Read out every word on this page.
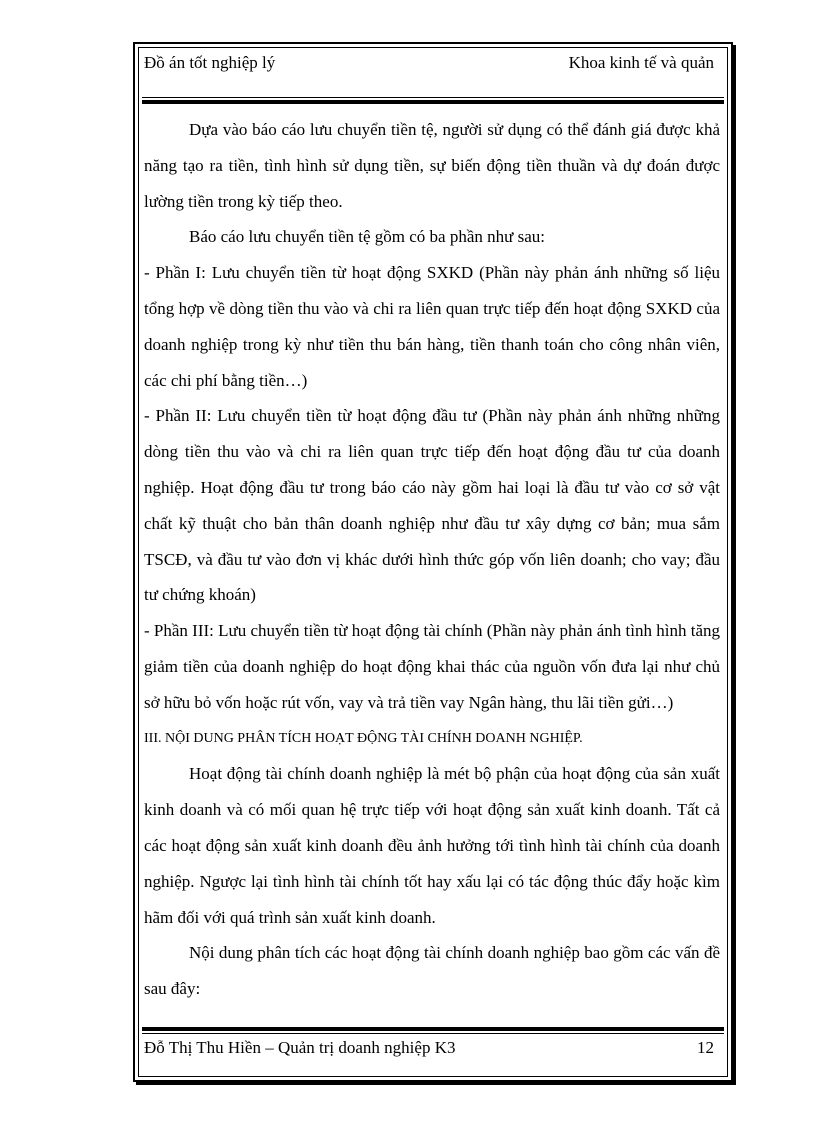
Đồ án tốt nghiệp lý	Khoa kinh tế và quản

Dựa vào báo cáo lưu chuyển tiền tệ, người sử dụng có thể đánh giá được khả năng tạo ra tiền, tình hình sử dụng tiền, sự biến động tiền thuần và dự đoán được lường tiền trong kỳ tiếp theo.

Báo cáo lưu chuyển tiền tệ gồm có ba phần như sau:

- Phần I: Lưu chuyển tiền từ hoạt động SXKD (Phần này phản ánh những số liệu tổng hợp về dòng tiền thu vào và chi ra liên quan trực tiếp đến hoạt động SXKD của doanh nghiệp trong kỳ như tiền thu bán hàng, tiền thanh toán cho công nhân viên, các chi phí bằng tiền…)

- Phần II: Lưu chuyển tiền từ hoạt động đầu tư (Phần này phản ánh những những dòng tiền thu vào và chi ra liên quan trực tiếp đến hoạt động đầu tư của doanh nghiệp. Hoạt động đầu tư trong báo cáo này gồm hai loại là đầu tư vào cơ sở vật chất kỹ thuật cho bản thân doanh nghiệp như đầu tư xây dựng cơ bản; mua sắm TSCĐ, và đầu tư vào đơn vị khác dưới hình thức góp vốn liên doanh; cho vay; đầu tư chứng khoán)

- Phần III: Lưu chuyển tiền từ hoạt động tài chính (Phần này phản ánh tình hình tăng giảm tiền của doanh nghiệp do hoạt động khai thác của nguồn vốn đưa lại như chủ sở hữu bỏ vốn hoặc rút vốn, vay và trả tiền vay Ngân hàng, thu lãi tiền gửi…)

III. NỘI DUNG PHÂN TÍCH HOẠT ĐỘNG TÀI CHÍNH DOANH NGHIỆP.

Hoạt động tài chính doanh nghiệp là mét bộ phận của hoạt động của sản xuất kinh doanh và có mối quan hệ trực tiếp với hoạt động sản xuất kinh doanh. Tất cả các hoạt động sản xuất kinh doanh đều ảnh hưởng tới tình hình tài chính của doanh nghiệp. Ngược lại tình hình tài chính tốt hay xấu lại có tác động thúc đẩy hoặc kìm hãm đối với quá trình sản xuất kinh doanh.

Nội dung phân tích các hoạt động tài chính doanh nghiệp bao gồm các vấn đề sau đây:

Đỗ Thị Thu Hiền – Quản trị doanh nghiệp K3	12
